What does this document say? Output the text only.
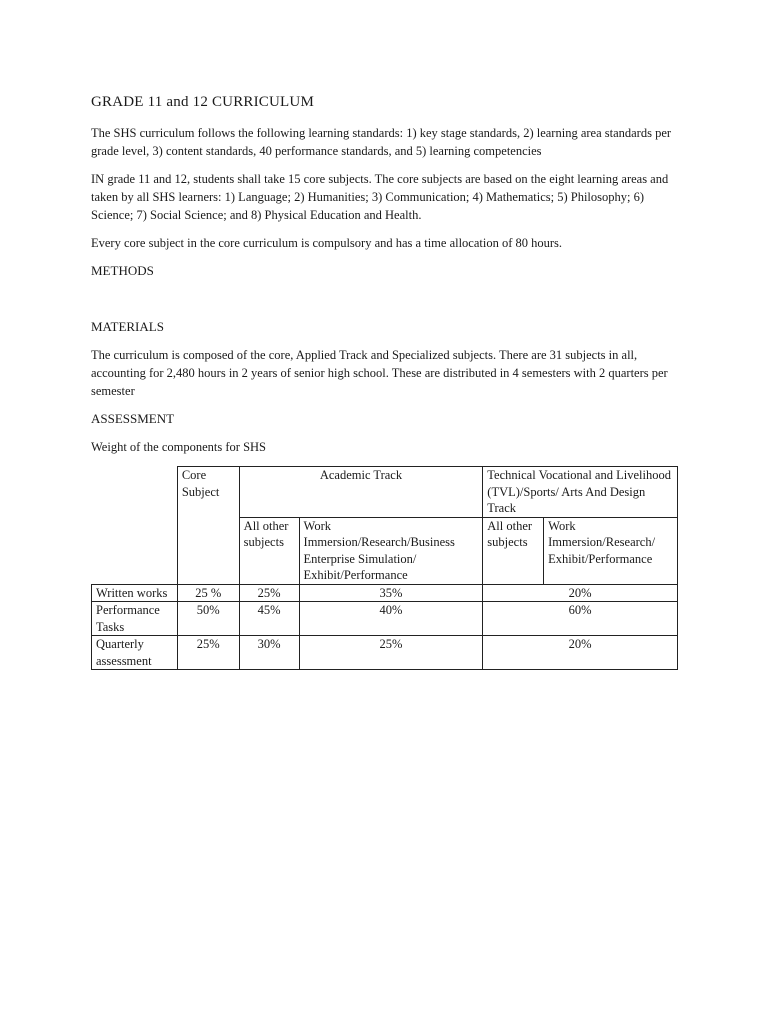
GRADE 11 and 12 CURRICULUM

The SHS curriculum follows the following learning standards: 1) key stage standards, 2) learning area standards per grade level, 3) content standards, 40 performance standards, and 5) learning competencies

IN grade 11 and 12, students shall take 15 core subjects. The core subjects are based on the eight learning areas and taken by all SHS learners: 1) Language; 2) Humanities; 3) Communication; 4) Mathematics; 5) Philosophy; 6) Science; 7) Social Science; and 8) Physical Education and Health.

Every core subject in the core curriculum is compulsory and has a time allocation of 80 hours.

METHODS
MATERIALS

The curriculum is composed of the core, Applied Track and Specialized subjects. There are 31 subjects in all, accounting for 2,480 hours in 2 years of senior high school. These are distributed in 4 semesters with 2 quarters per semester

ASSESSMENT

Weight of the components for SHS

	Core Subject	Academic Track		Technical Vocational and Livelihood (TVL)/Sports/ Arts And Design Track	
		All other subjects	Work Immersion/Research/Business Enterprise Simulation/ Exhibit/Performance	All other subjects	Work Immersion/Research/ Exhibit/Performance
Written works	25 %	25%	35%	20%	
Performance Tasks	50%	45%	40%	60%	
Quarterly assessment	25%	30%	25%	20%	
